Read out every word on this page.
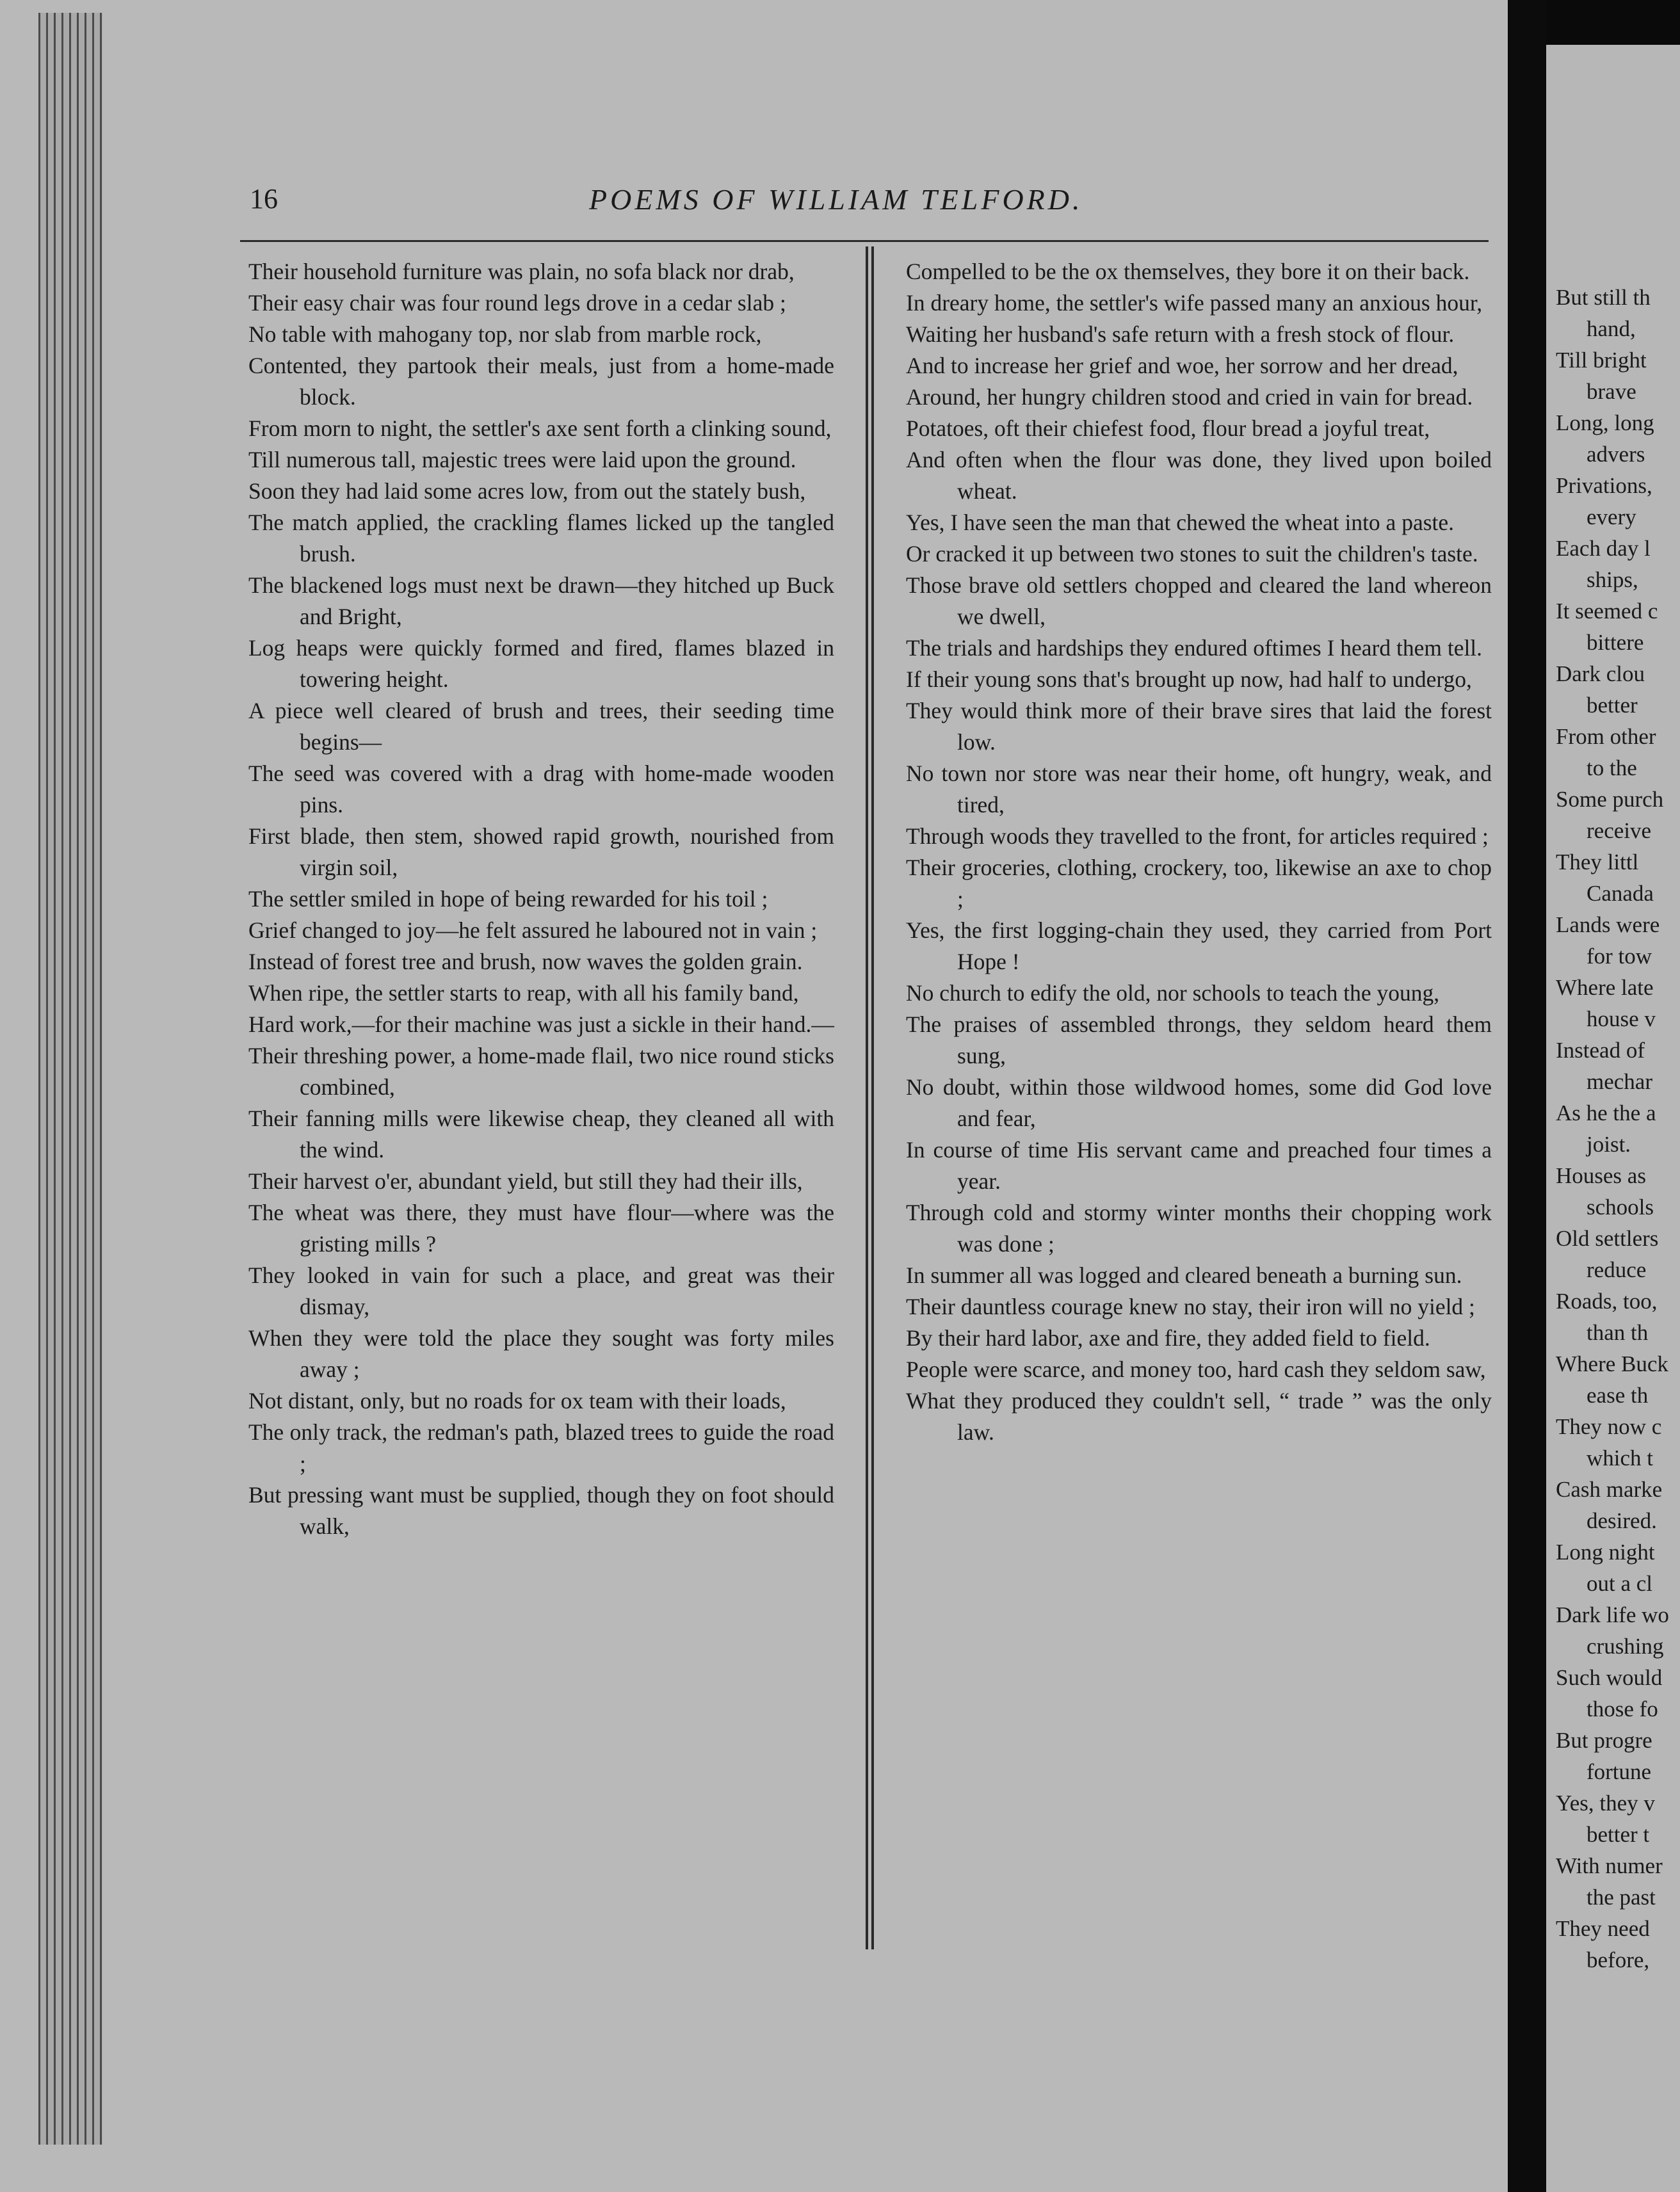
16	POEMS OF WILLIAM TELFORD.
Their household furniture was plain, no sofa black nor drab,
Their easy chair was four round legs drove in a cedar slab ;
No table with mahogany top, nor slab from marble rock,
Contented, they partook their meals, just from a home-made block.
From morn to night, the settler's axe sent forth a clinking sound,
Till numerous tall, majestic trees were laid upon the ground.
Soon they had laid some acres low, from out the stately bush,
The match applied, the crackling flames licked up the tangled brush.
The blackened logs must next be drawn—they hitched up Buck and Bright,
Log heaps were quickly formed and fired, flames blazed in towering height.
A piece well cleared of brush and trees, their seeding time begins—
The seed was covered with a drag with home-made wooden pins.
First blade, then stem, showed rapid growth, nourished from virgin soil,
The settler smiled in hope of being rewarded for his toil ;
Grief changed to joy—he felt assured he laboured not in vain ;
Instead of forest tree and brush, now waves the golden grain.
When ripe, the settler starts to reap, with all his family band,
Hard work,—for their machine was just a sickle in their hand.—
Their threshing power, a home-made flail, two nice round sticks combined,
Their fanning mills were likewise cheap, they cleaned all with the wind.
Their harvest o'er, abundant yield, but still they had their ills,
The wheat was there, they must have flour—where was the gristing mills ?
They looked in vain for such a place, and great was their dismay,
When they were told the place they sought was forty miles away ;
Not distant, only, but no roads for ox team with their loads,
The only track, the redman's path, blazed trees to guide the road ;
But pressing want must be supplied, though they on foot should walk,
Compelled to be the ox themselves, they bore it on their back.
In dreary home, the settler's wife passed many an anxious hour,
Waiting her husband's safe return with a fresh stock of flour.
And to increase her grief and woe, her sorrow and her dread,
Around, her hungry children stood and cried in vain for bread.
Potatoes, oft their chiefest food, flour bread a joyful treat,
And often when the flour was done, they lived upon boiled wheat.
Yes, I have seen the man that chewed the wheat into a paste.
Or cracked it up between two stones to suit the children's taste.
Those brave old settlers chopped and cleared the land whereon we dwell,
The trials and hardships they endured oftimes I heard them tell.
If their young sons that's brought up now, had half to undergo,
They would think more of their brave sires that laid the forest low.
No town nor store was near their home, oft hungry, weak, and tired,
Through woods they travelled to the front, for articles required ;
Their groceries, clothing, crockery, too, likewise an axe to chop ;
Yes, the first logging-chain they used, they carried from Port Hope !
No church to edify the old, nor schools to teach the young,
The praises of assembled throngs, they seldom heard them sung,
No doubt, within those wildwood homes, some did God love and fear,
In course of time His servant came and preached four times a year.
Through cold and stormy winter months their chopping work was done ;
In summer all was logged and cleared beneath a burning sun.
Their dauntless courage knew no stay, their iron will no yield ;
By their hard labor, axe and fire, they added field to field.
People were scarce, and money too, hard cash they seldom saw,
What they produced they couldn't sell, “ trade ” was the only law.
But still th
hand,
Till bright
brave
Long, long
advers
Privations,
every
Each day l
ships,
It seemed c
bittere
Dark clou
better
From other
to the
Some purch
receive
They littl
Canada
Lands were
for tow
Where late
house v
Instead of
mechar
As he the a
joist.
Houses as
schools
Old settlers
reduce
Roads, too,
than th
Where Buck
ease th
They now c
which t
Cash marke
desired.
Long night
out a cl
Dark life wo
crushing
Such would
those fo
But progre
fortune
Yes, they v
better t
With numer
the past
They need
before,
